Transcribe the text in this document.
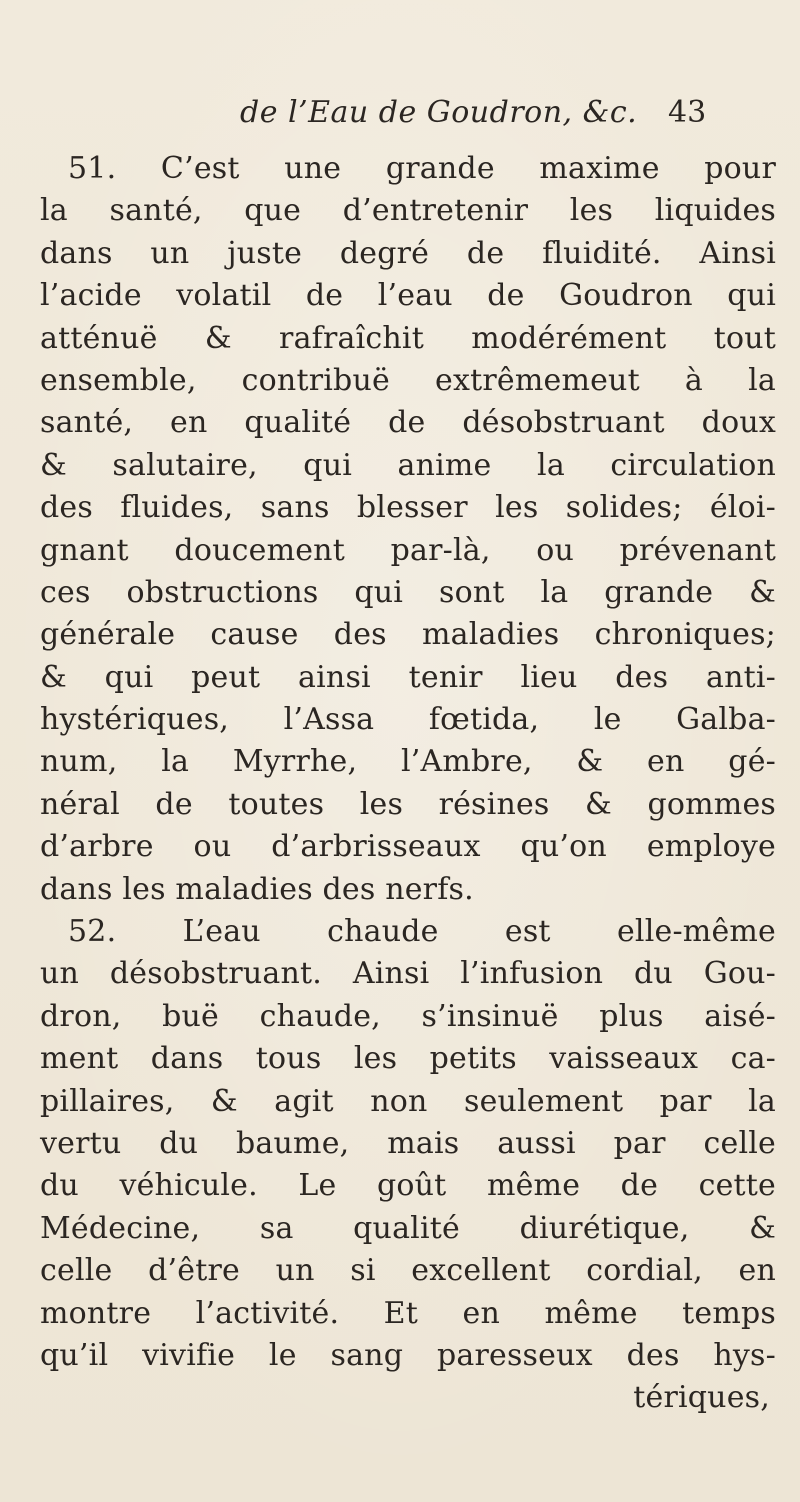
de l’Eau de Goudron, &c. 43
51. C’est une grande maxime pour
la santé, que d’entretenir les liquides
dans un juste degré de fluidité. Ainsi
l’acide volatil de l’eau de Goudron qui
atténuë & rafraîchit modérément tout
ensemble, contribuë extrêmemeut à la
santé, en qualité de désobstruant doux
& salutaire, qui anime la circulation
des fluides, sans blesser les solides; éloi-
gnant doucement par-là, ou prévenant
ces obstructions qui sont la grande &
générale cause des maladies chroniques;
& qui peut ainsi tenir lieu des anti-
hystériques, l’Assa fœtida, le Galba-
num, la Myrrhe, l’Ambre, & en gé-
néral de toutes les résines & gommes
d’arbre ou d’arbrisseaux qu’on employe
dans les maladies des nerfs.
52. L’eau chaude est elle-même
un désobstruant. Ainsi l’infusion du Gou-
dron, buë chaude, s’insinuë plus aisé-
ment dans tous les petits vaisseaux ca-
pillaires, & agit non seulement par la
vertu du baume, mais aussi par celle
du véhicule. Le goût même de cette
Médecine, sa qualité diurétique, &
celle d’être un si excellent cordial, en
montre l’activité. Et en même temps
qu’il vivifie le sang paresseux des hys-
tériques,
